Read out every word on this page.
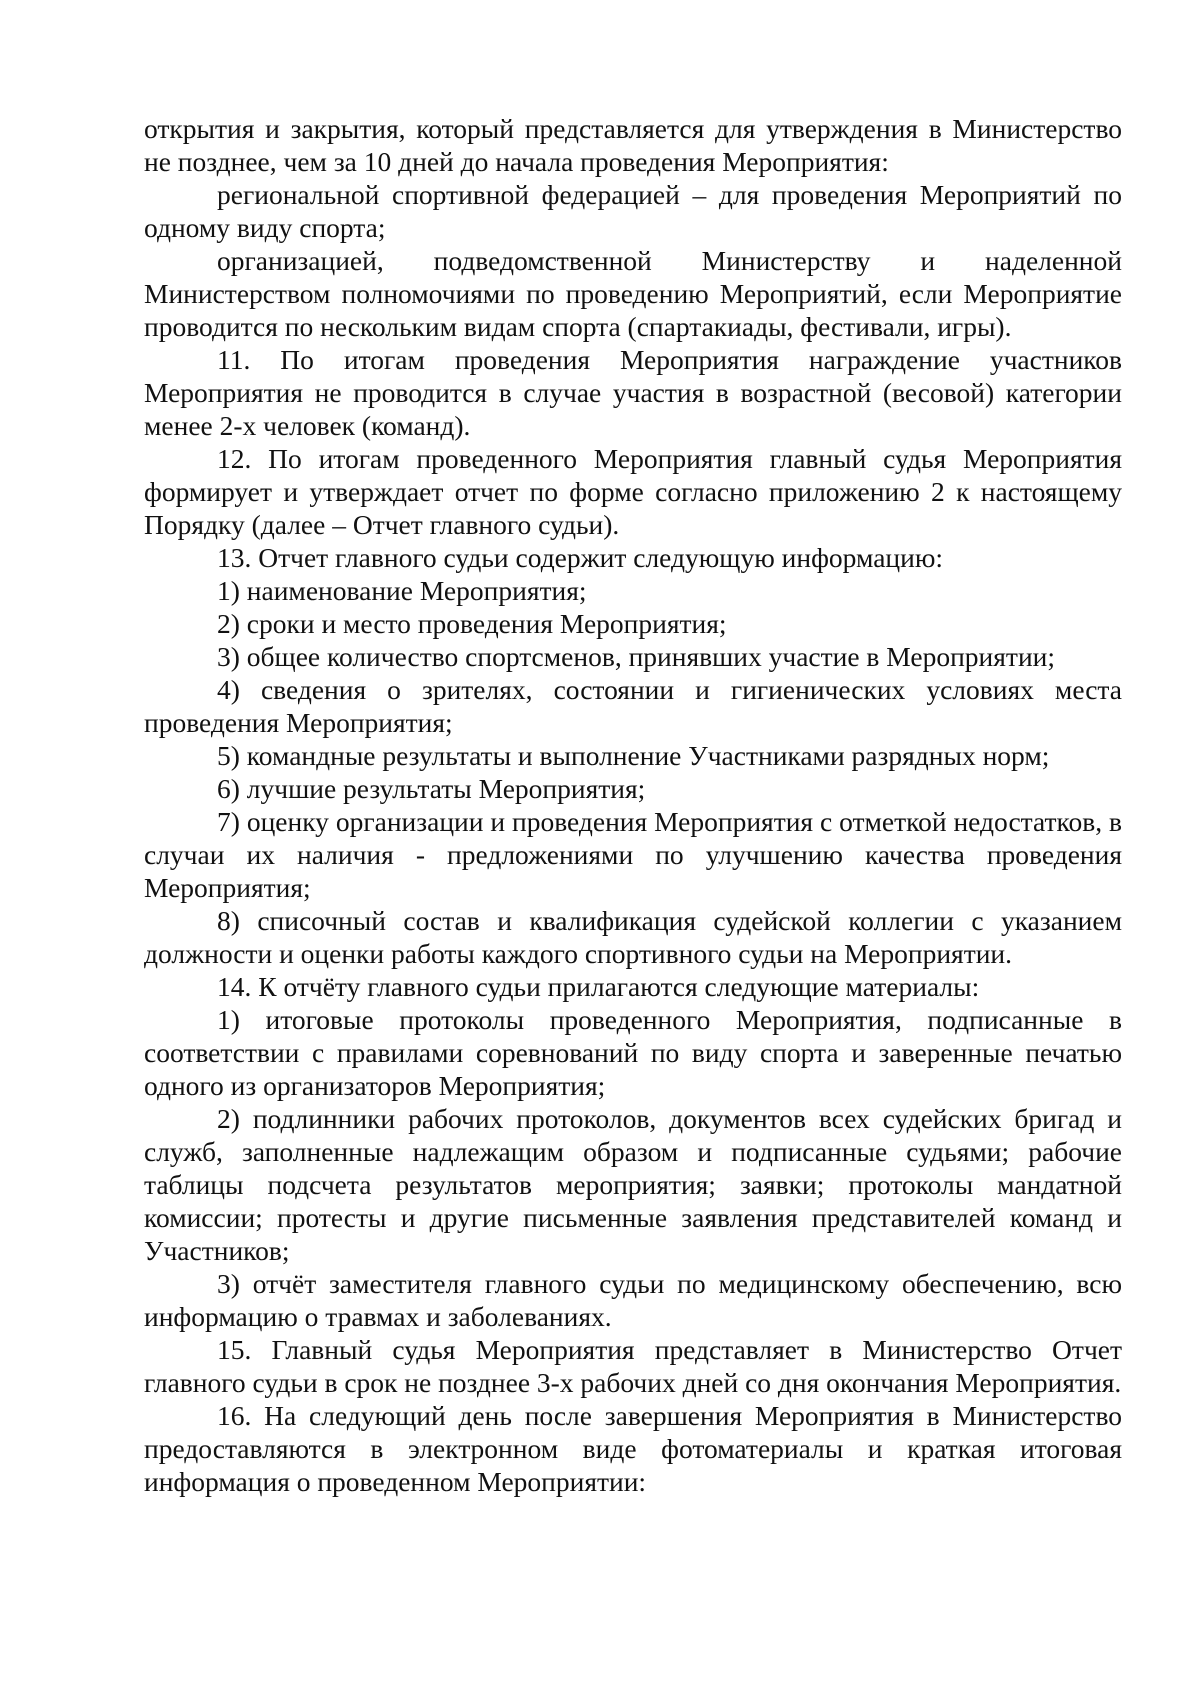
открытия и закрытия, который представляется для утверждения в Министерство не позднее, чем за 10 дней до начала проведения Мероприятия:

региональной спортивной федерацией – для проведения Мероприятий по одному виду спорта;

организацией, подведомственной Министерству и наделенной Министерством полномочиями по проведению Мероприятий, если Мероприятие проводится по нескольким видам спорта (спартакиады, фестивали, игры).

11. По итогам проведения Мероприятия награждение участников Мероприятия не проводится в случае участия в возрастной (весовой) категории менее 2-х человек (команд).

12. По итогам проведенного Мероприятия главный судья Мероприятия формирует и утверждает отчет по форме согласно приложению 2 к настоящему Порядку (далее – Отчет главного судьи).

13. Отчет главного судьи содержит следующую информацию:

1) наименование Мероприятия;

2) сроки и место проведения Мероприятия;

3) общее количество спортсменов, принявших участие в Мероприятии;

4) сведения о зрителях, состоянии и гигиенических условиях места проведения Мероприятия;

5) командные результаты и выполнение Участниками разрядных норм;

6) лучшие результаты Мероприятия;

7) оценку организации и проведения Мероприятия с отметкой недостатков, в случаи их наличия - предложениями по улучшению качества проведения Мероприятия;

8) списочный состав и квалификация судейской коллегии с указанием должности и оценки работы каждого спортивного судьи на Мероприятии.

14. К отчёту главного судьи прилагаются следующие материалы:

1) итоговые протоколы проведенного Мероприятия, подписанные в соответствии с правилами соревнований по виду спорта и заверенные печатью одного из организаторов Мероприятия;

2) подлинники рабочих протоколов, документов всех судейских бригад и служб, заполненные надлежащим образом и подписанные судьями; рабочие таблицы подсчета результатов мероприятия; заявки; протоколы мандатной комиссии; протесты и другие письменные заявления представителей команд и Участников;

3) отчёт заместителя главного судьи по медицинскому обеспечению, всю информацию о травмах и заболеваниях.

15. Главный судья Мероприятия представляет в Министерство Отчет главного судьи в срок не позднее 3-х рабочих дней со дня окончания Мероприятия.

16. На следующий день после завершения Мероприятия в Министерство предоставляются в электронном виде фотоматериалы и краткая итоговая информация о проведенном Мероприятии:
